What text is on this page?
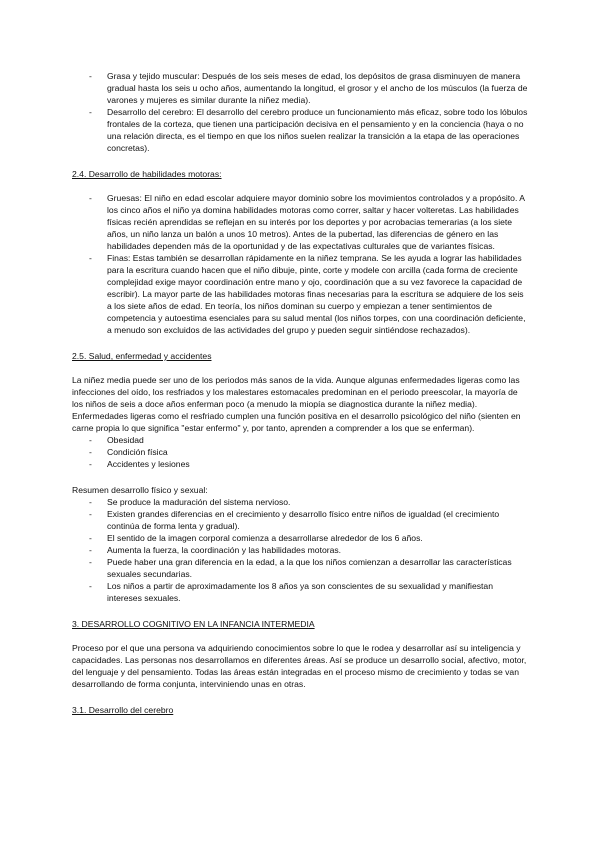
- Grasa y tejido muscular: Después de los seis meses de edad, los depósitos de grasa disminuyen de manera gradual hasta los seis u ocho años, aumentando la longitud, el grosor y el ancho de los músculos (la fuerza de varones y mujeres es similar durante la niñez media).
- Desarrollo del cerebro: El desarrollo del cerebro produce un funcionamiento más eficaz, sobre todo los lóbulos frontales de la corteza, que tienen una participación decisiva en el pensamiento y en la conciencia (haya o no una relación directa, es el tiempo en que los niños suelen realizar la transición a la etapa de las operaciones concretas).

2.4. Desarrollo de habilidades motoras:

- Gruesas: El niño en edad escolar adquiere mayor dominio sobre los movimientos controlados y a propósito. A los cinco años el niño ya domina habilidades motoras como correr, saltar y hacer volteretas. Las habilidades físicas recién aprendidas se reflejan en su interés por los deportes y por acrobacias temerarias (a los siete años, un niño lanza un balón a unos 10 metros). Antes de la pubertad, las diferencias de género en las habilidades dependen más de la oportunidad y de las expectativas culturales que de variantes físicas.
- Finas: Estas también se desarrollan rápidamente en la niñez temprana. Se les ayuda a lograr las habilidades para la escritura cuando hacen que el niño dibuje, pinte, corte y modele con arcilla (cada forma de creciente complejidad exige mayor coordinación entre mano y ojo, coordinación que a su vez favorece la capacidad de escribir). La mayor parte de las habilidades motoras finas necesarias para la escritura se adquiere de los seis a los siete años de edad. En teoría, los niños dominan su cuerpo y empiezan a tener sentimientos de competencia y autoestima esenciales para su salud mental (los niños torpes, con una coordinación deficiente, a menudo son excluidos de las actividades del grupo y pueden seguir sintiéndose rechazados).

2.5. Salud, enfermedad y accidentes

La niñez media puede ser uno de los periodos más sanos de la vida. Aunque algunas enfermedades ligeras como las infecciones del oído, los resfriados y los malestares estomacales predominan en el periodo preescolar, la mayoría de los niños de seis a doce años enferman poco (a menudo la miopía se diagnostica durante la niñez media). Enfermedades ligeras como el resfriado cumplen una función positiva en el desarrollo psicológico del niño (sienten en carne propia lo que significa "estar enfermo" y, por tanto, aprenden a comprender a los que se enferman).

- Obesidad
- Condición física
- Accidentes y lesiones

Resumen desarrollo físico y sexual:

- Se produce la maduración del sistema nervioso.
- Existen grandes diferencias en el crecimiento y desarrollo físico entre niños de igualdad (el crecimiento continúa de forma lenta y gradual).
- El sentido de la imagen corporal comienza a desarrollarse alrededor de los 6 años.
- Aumenta la fuerza, la coordinación y las habilidades motoras.
- Puede haber una gran diferencia en la edad, a la que los niños comienzan a desarrollar las características sexuales secundarias.
- Los niños a partir de aproximadamente los 8 años ya son conscientes de su sexualidad y manifiestan intereses sexuales.

3. DESARROLLO COGNITIVO EN LA INFANCIA INTERMEDIA

Proceso por el que una persona va adquiriendo conocimientos sobre lo que le rodea y desarrollar así su inteligencia y capacidades. Las personas nos desarrollamos en diferentes áreas. Así se produce un desarrollo social, afectivo, motor, del lenguaje y del pensamiento. Todas las áreas están integradas en el proceso mismo de crecimiento y todas se van desarrollando de forma conjunta, interviniendo unas en otras.

3.1. Desarrollo del cerebro
